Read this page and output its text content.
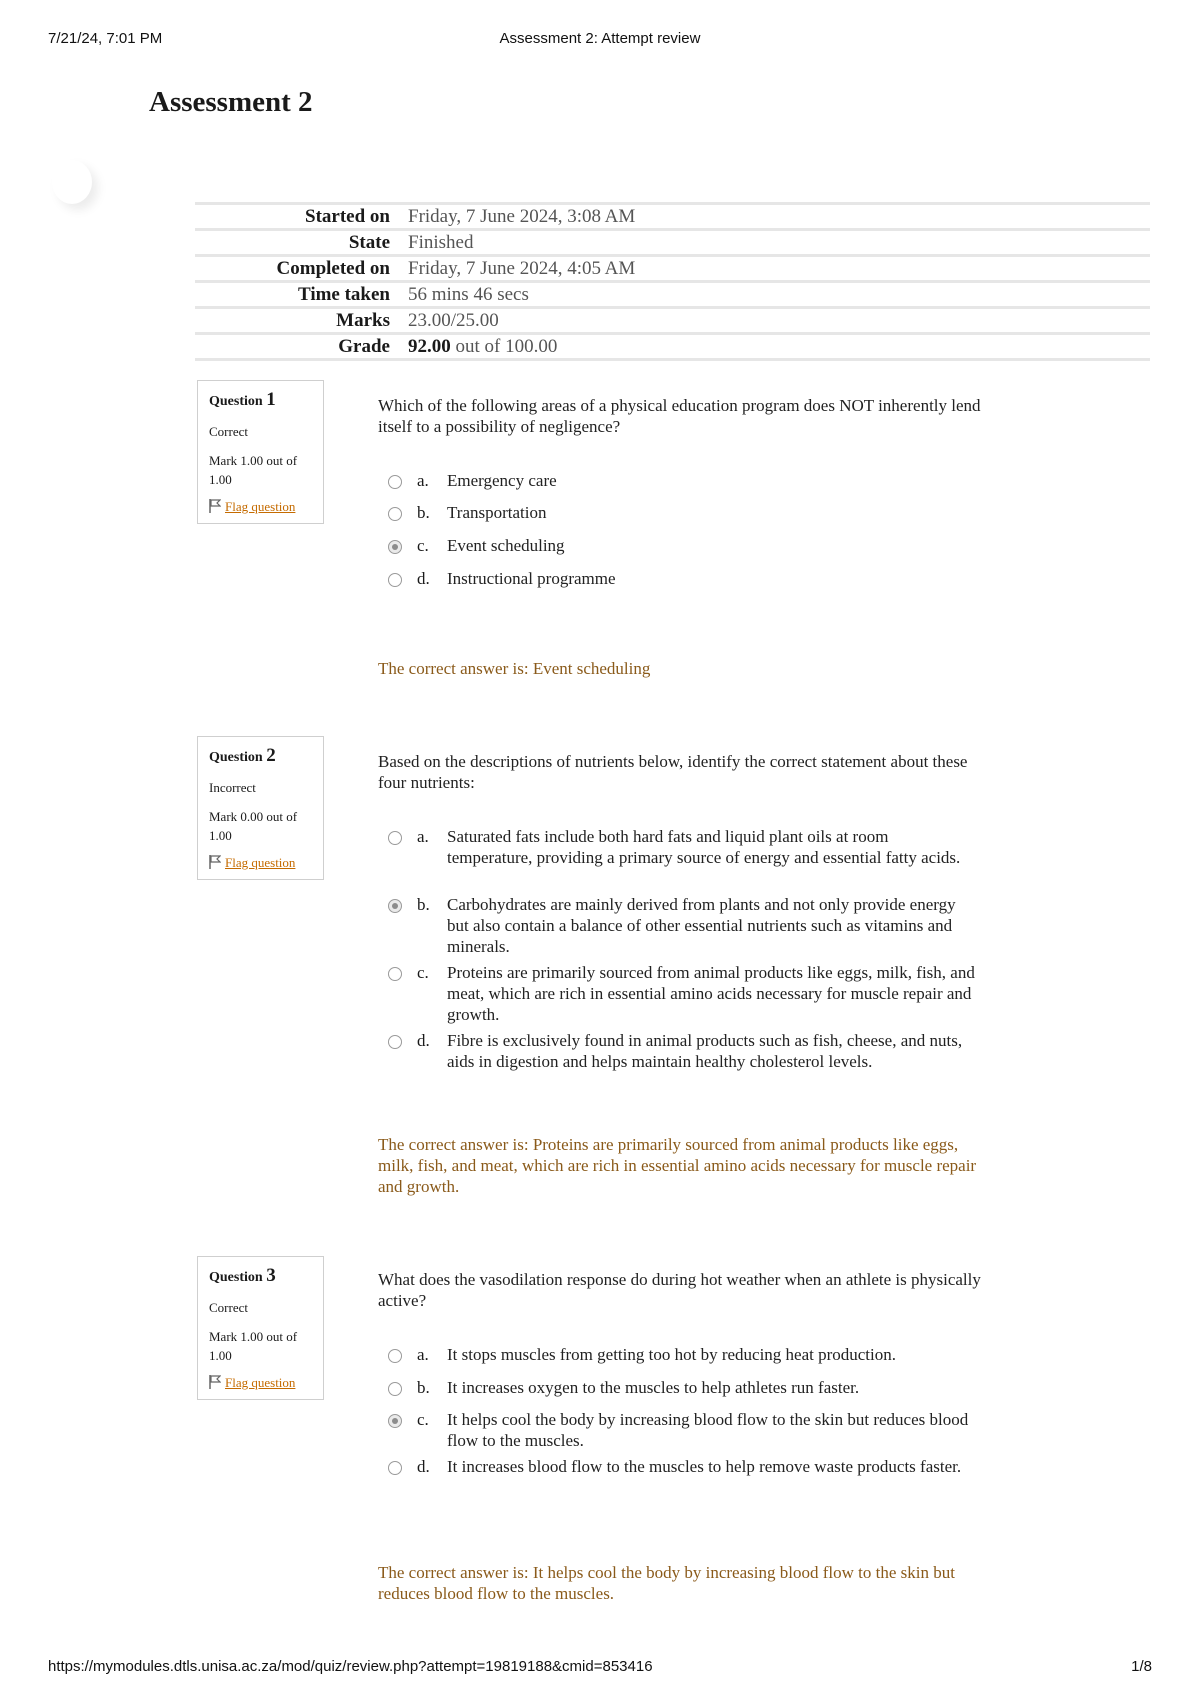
7/21/24, 7:01 PM	Assessment 2: Attempt review
Assessment 2
Started on	Friday, 7 June 2024, 3:08 AM
State	Finished
Completed on	Friday, 7 June 2024, 4:05 AM
Time taken	56 mins 46 secs
Marks	23.00/25.00
Grade	92.00 out of 100.00

Question 1

Correct

Mark 1.00 out of 1.00

Flag question

Which of the following areas of a physical education program does NOT inherently lend itself to a possibility of negligence?

a. Emergency care
b. Transportation
c. Event scheduling
d. Instructional programme

The correct answer is: Event scheduling

Question 2

Incorrect

Mark 0.00 out of 1.00

Flag question

Based on the descriptions of nutrients below, identify the correct statement about these four nutrients:

a. Saturated fats include both hard fats and liquid plant oils at room temperature, providing a primary source of energy and essential fatty acids.
b. Carbohydrates are mainly derived from plants and not only provide energy but also contain a balance of other essential nutrients such as vitamins and minerals.
c. Proteins are primarily sourced from animal products like eggs, milk, fish, and meat, which are rich in essential amino acids necessary for muscle repair and growth.
d. Fibre is exclusively found in animal products such as fish, cheese, and nuts, aids in digestion and helps maintain healthy cholesterol levels.

The correct answer is: Proteins are primarily sourced from animal products like eggs, milk, fish, and meat, which are rich in essential amino acids necessary for muscle repair and growth.

Question 3

Correct

Mark 1.00 out of 1.00

Flag question

What does the vasodilation response do during hot weather when an athlete is physically active?

a. It stops muscles from getting too hot by reducing heat production.
b. It increases oxygen to the muscles to help athletes run faster.
c. It helps cool the body by increasing blood flow to the skin but reduces blood flow to the muscles.
d. It increases blood flow to the muscles to help remove waste products faster.

The correct answer is: It helps cool the body by increasing blood flow to the skin but reduces blood flow to the muscles.

https://mymodules.dtls.unisa.ac.za/mod/quiz/review.php?attempt=19819188&cmid=853416	1/8
